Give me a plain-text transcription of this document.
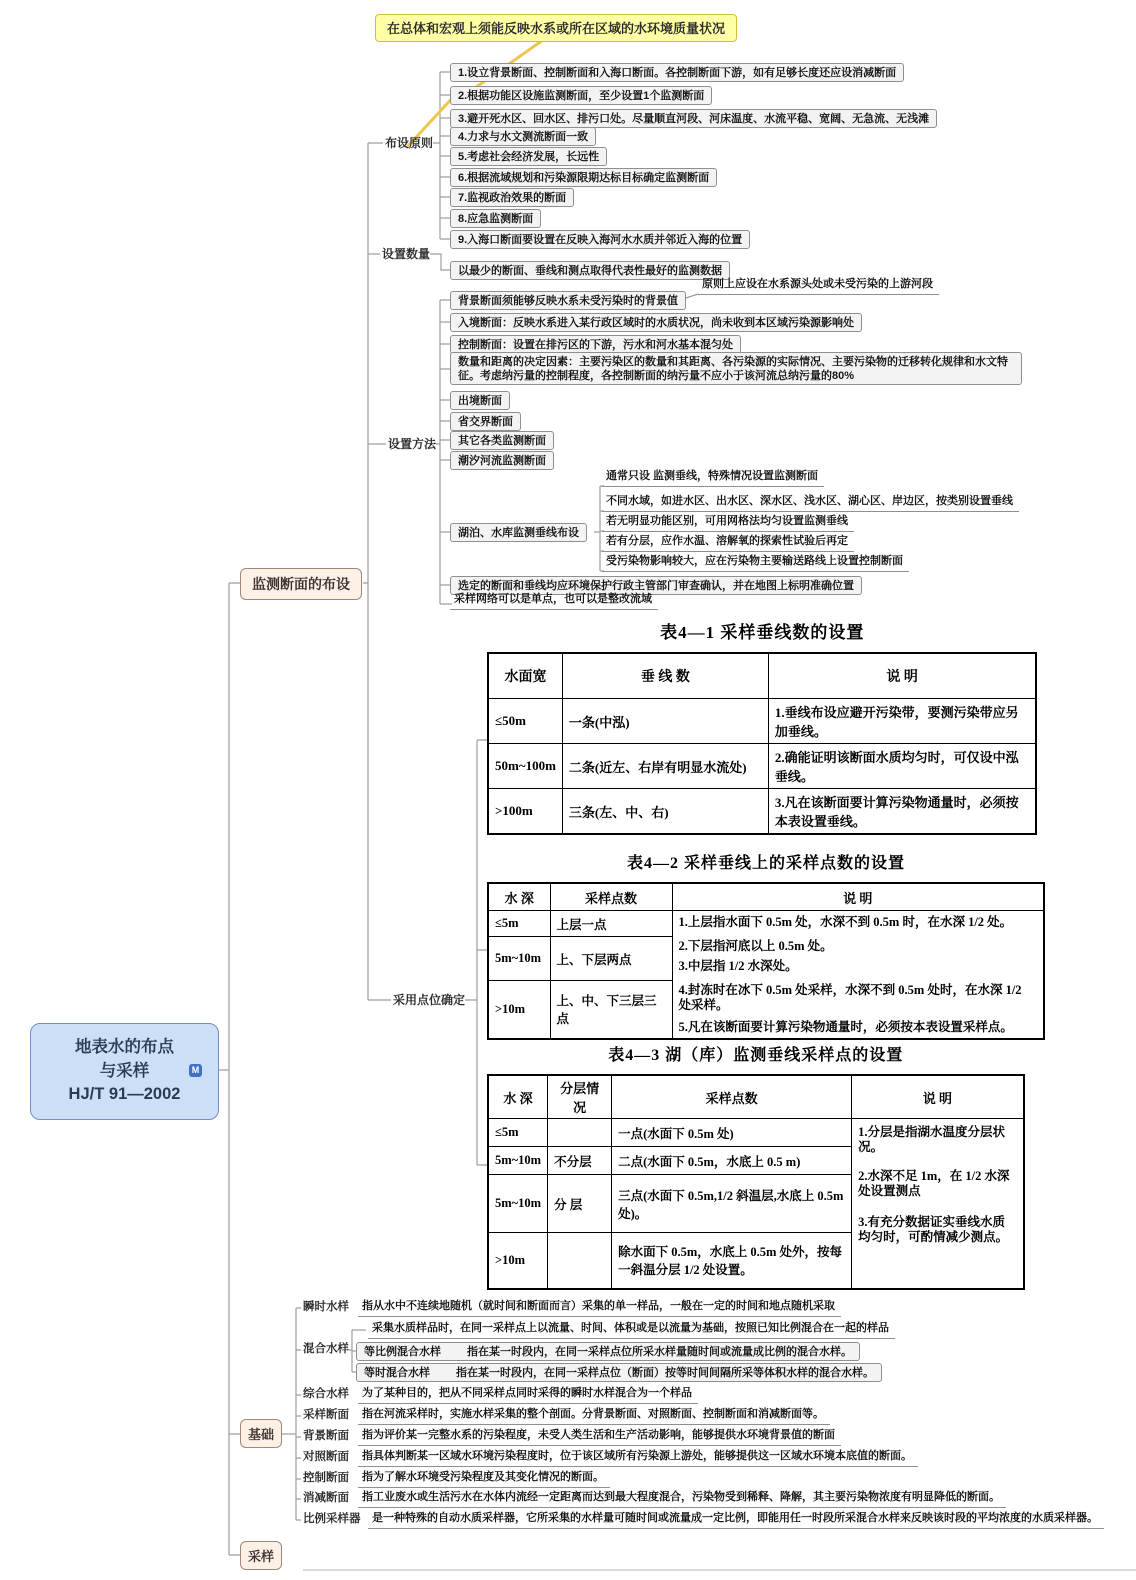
在总体和宏观上须能反映水系或所在区域的水环境质量状况
地表水的布点
与采样
HJ/T 91—2002
M
监测断面的布设
基础
采样
布设原则
设置数量
设置方法
采用点位确定
1.设立背景断面、控制断面和入海口断面。各控制断面下游，如有足够长度还应设消减断面
2.根据功能区设施监测断面，至少设置1个监测断面
3.避开死水区、回水区、排污口处。尽量顺直河段、河床温度、水流平稳、宽阔、无急流、无浅滩
4.力求与水文测流断面一致
5.考虑社会经济发展，长远性
6.根据流域规划和污染源限期达标目标确定监测断面
7.监视政治效果的断面
8.应急监测断面
9.入海口断面要设置在反映入海河水水质并邻近入海的位置
以最少的断面、垂线和测点取得代表性最好的监测数据
背景断面须能够反映水系未受污染时的背景值
原则上应设在水系源头处或未受污染的上游河段
入境断面：反映水系进入某行政区域时的水质状况，尚未收到本区域污染源影响处
控制断面：设置在排污区的下游，污水和河水基本混匀处
数量和距离的决定因素：主要污染区的数量和其距离、各污染源的实际情况、主要污染物的迁移转化规律和水文特征。考虑纳污量的控制程度，各控制断面的纳污量不应小于该河流总纳污量的80%
出境断面
省交界断面
其它各类监测断面
潮汐河流监测断面
湖泊、水库监测垂线布设
通常只设 监测垂线，特殊情况设置监测断面
不同水域，如进水区、出水区、深水区、浅水区、湖心区、岸边区，按类别设置垂线
若无明显功能区别，可用网格法均匀设置监测垂线
若有分层，应作水温、溶解氧的探索性试验后再定
受污染物影响较大，应在污染物主要输送路线上设置控制断面
选定的断面和垂线均应环境保护行政主管部门审查确认，并在地图上标明准确位置
采样网络可以是单点，也可以是整改流域
表4—1 采样垂线数的设置
水面宽	垂 线 数	说 明
≤50m	一条(中泓)	1.垂线布设应避开污染带，要测污染带应另加垂线。
50m~100m	二条(近左、右岸有明显水流处)	2.确能证明该断面水质均匀时，可仅设中泓垂线。
>100m	三条(左、中、右)	3.凡在该断面要计算污染物通量时，必须按本表设置垂线。
表4—2 采样垂线上的采样点数的设置
水 深	采样点数	说 明
≤5m	上层一点	1.上层指水面下 0.5m 处，水深不到 0.5m 时，在水深 1/2 处。
2.下层指河底以上 0.5m 处。
3.中层指 1/2 水深处。
4.封冻时在冰下 0.5m 处采样，水深不到 0.5m 处时，在水深 1/2 处采样。
5.凡在该断面要计算污染物通量时，必须按本表设置采样点。

5m~10m	上、下层两点	
>10m	上、中、下三层三点	
表4—3 湖（库）监测垂线采样点的设置
水 深	分层情况	采样点数	说 明
≤5m		一点(水面下 0.5m 处)	1.分层是指湖水温度分层状况。
2.水深不足 1m，在 1/2 水深处设置测点
3.有充分数据证实垂线水质均匀时，可酌情减少测点。

5m~10m	不分层	二点(水面下 0.5m，水底上 0.5 m)	
5m~10m	分 层	三点(水面下 0.5m,1/2 斜温层,水底上 0.5m 处)。	
>10m		除水面下 0.5m，水底上 0.5m 处外，按每一斜温分层 1/2 处设置。	
瞬时水样	指从水中不连续地随机（就时间和断面而言）采集的单一样品，一般在一定的时间和地点随机采取
混合水样
采集水质样品时，在同一采样点上以流量、时间、体积或是以流量为基础，按照已知比例混合在一起的样品
等比例混合水样 指在某一时段内，在同一采样点位所采水样量随时间或流量成比例的混合水样。
等时混合水样 指在某一时段内，在同一采样点位（断面）按等时间间隔所采等体积水样的混合水样。
综合水样	为了某种目的，把从不同采样点同时采得的瞬时水样混合为一个样品
采样断面	指在河流采样时，实施水样采集的整个剖面。分背景断面、对照断面、控制断面和消减断面等。
背景断面	指为评价某一完整水系的污染程度，未受人类生活和生产活动影响，能够提供水环境背景值的断面
对照断面	指具体判断某一区域水环境污染程度时，位于该区域所有污染源上游处，能够提供这一区域水环境本底值的断面。
控制断面	指为了解水环境受污染程度及其变化情况的断面。
消减断面	指工业废水或生活污水在水体内流经一定距离而达到最大程度混合，污染物受到稀释、降解，其主要污染物浓度有明显降低的断面。
比例采样器	是一种特殊的自动水质采样器，它所采集的水样量可随时间或流量成一定比例，即能用任一时段所采混合水样来反映该时段的平均浓度的水质采样器。
